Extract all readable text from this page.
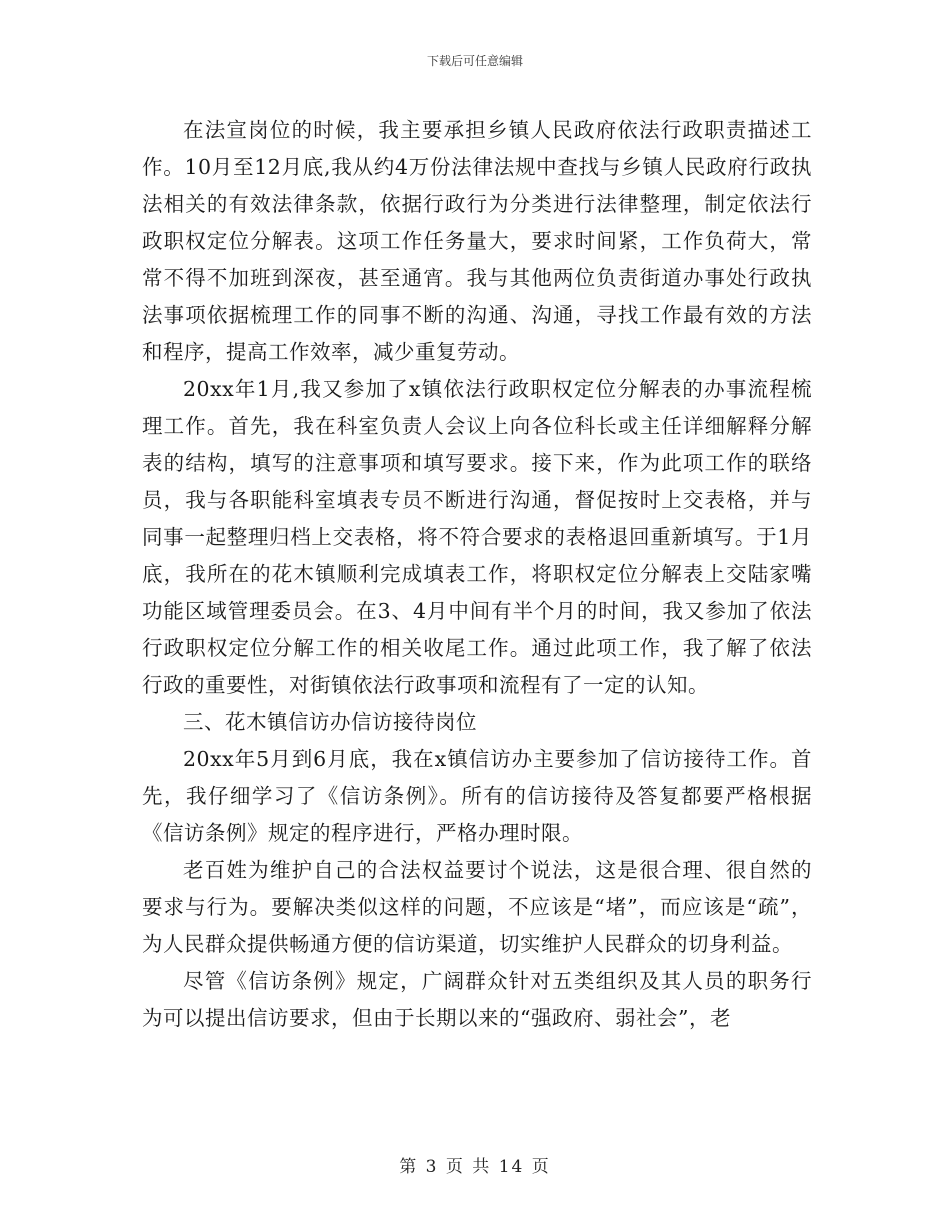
下载后可任意编辑

在法宣岗位的时候，我主要承担乡镇人民政府依法行政职责描述工作。10月至12月底,我从约4万份法律法规中查找与乡镇人民政府行政执法相关的有效法律条款，依据行政行为分类进行法律整理，制定依法行政职权定位分解表。这项工作任务量大，要求时间紧，工作负荷大，常常不得不加班到深夜，甚至通宵。我与其他两位负责街道办事处行政执法事项依据梳理工作的同事不断的沟通、沟通，寻找工作最有效的方法和程序，提高工作效率，减少重复劳动。

20xx年1月,我又参加了x镇依法行政职权定位分解表的办事流程梳理工作。首先，我在科室负责人会议上向各位科长或主任详细解释分解表的结构，填写的注意事项和填写要求。接下来，作为此项工作的联络员，我与各职能科室填表专员不断进行沟通，督促按时上交表格，并与同事一起整理归档上交表格，将不符合要求的表格退回重新填写。于1月底，我所在的花木镇顺利完成填表工作，将职权定位分解表上交陆家嘴功能区域管理委员会。在3、4月中间有半个月的时间，我又参加了依法行政职权定位分解工作的相关收尾工作。通过此项工作，我了解了依法行政的重要性，对街镇依法行政事项和流程有了一定的认知。

三、花木镇信访办信访接待岗位

20xx年5月到6月底，我在x镇信访办主要参加了信访接待工作。首先，我仔细学习了《信访条例》。所有的信访接待及答复都要严格根据《信访条例》规定的程序进行，严格办理时限。

老百姓为维护自己的合法权益要讨个说法，这是很合理、很自然的要求与行为。要解决类似这样的问题，不应该是“堵”，而应该是“疏”，为人民群众提供畅通方便的信访渠道，切实维护人民群众的切身利益。

尽管《信访条例》规定，广阔群众针对五类组织及其人员的职务行为可以提出信访要求，但由于长期以来的“强政府、弱社会”，老

第 3 页 共 14 页
